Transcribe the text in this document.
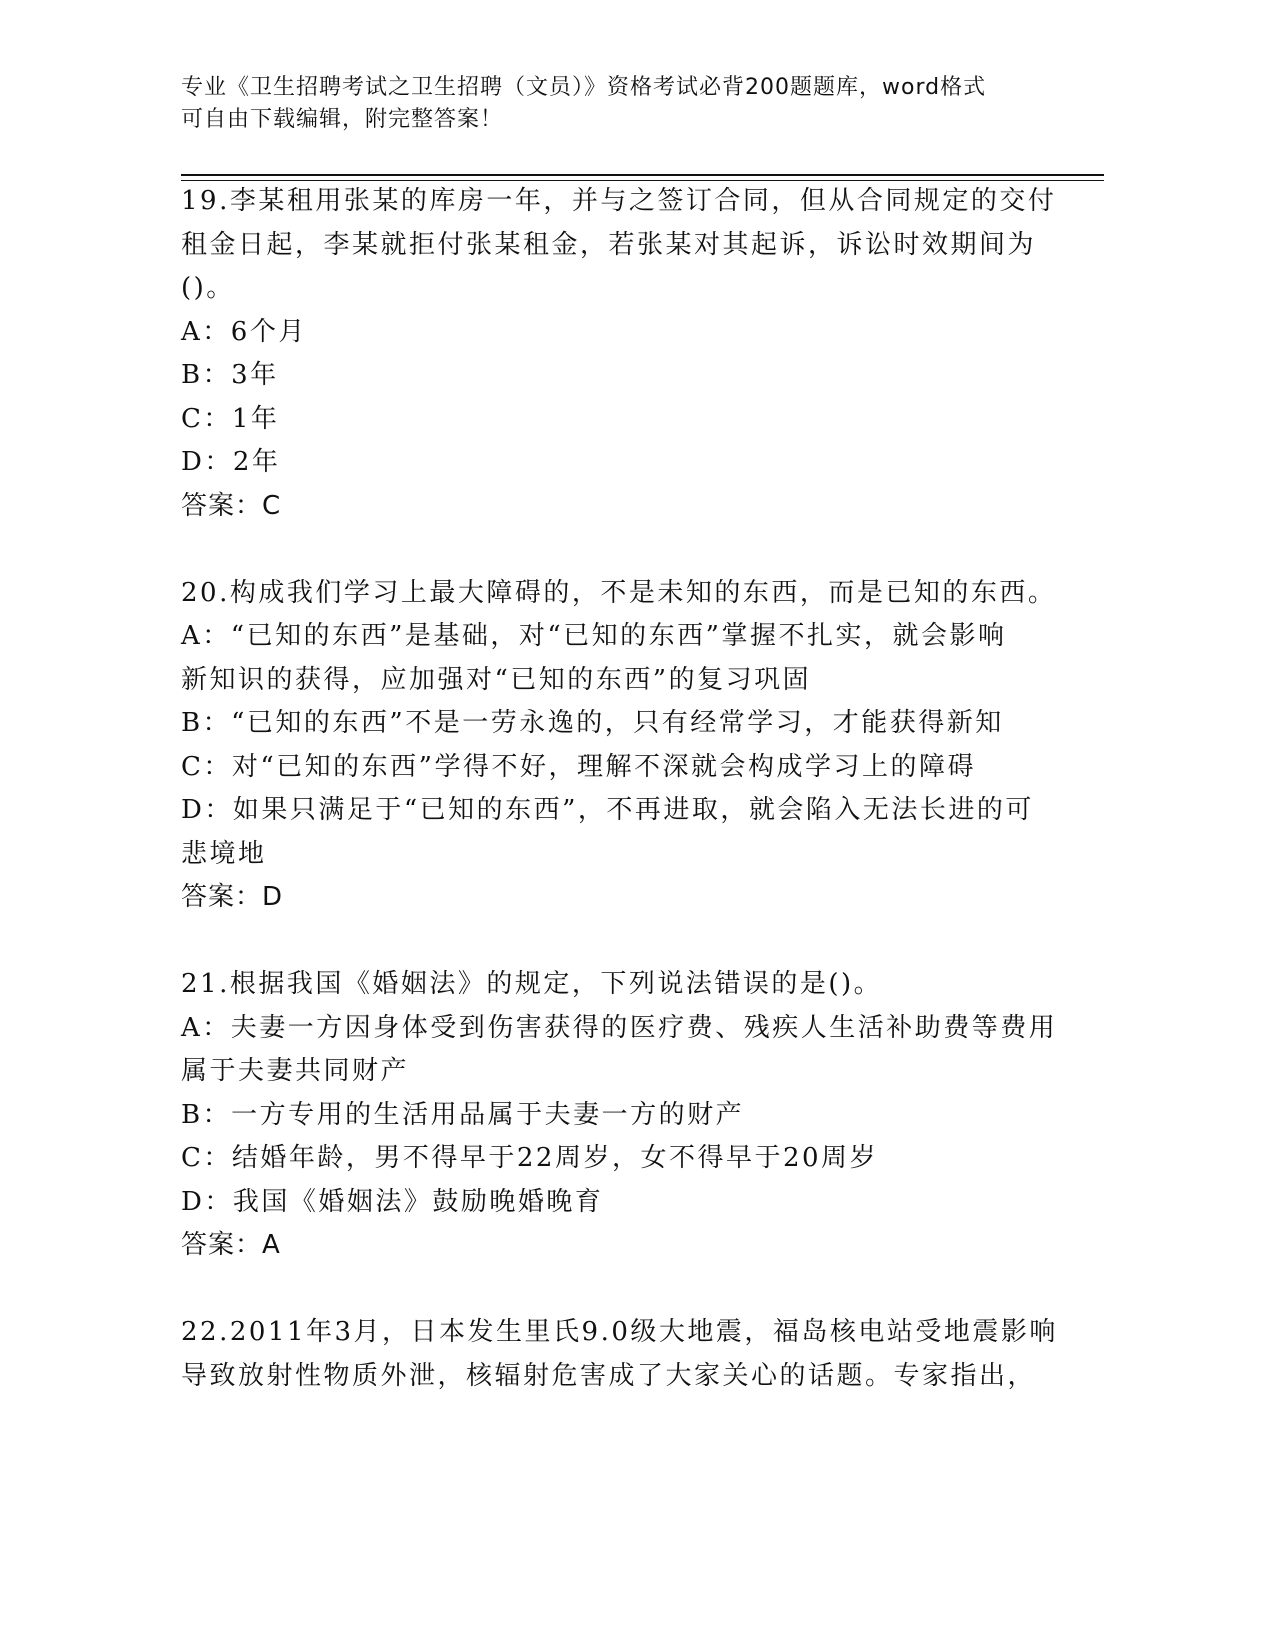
专业《卫生招聘考试之卫生招聘（文员）》资格考试必背200题题库，word格式

可自由下载编辑，附完整答案！

19.李某租用张某的库房一年，并与之签订合同，但从合同规定的交付

租金日起，李某就拒付张某租金，若张某对其起诉，诉讼时效期间为

()。

A：6个月

B：3年

C：1年

D：2年

答案：C

20.构成我们学习上最大障碍的，不是未知的东西，而是已知的东西。

A：“已知的东西”是基础，对“已知的东西”掌握不扎实，就会影响

新知识的获得，应加强对“已知的东西”的复习巩固

B：“已知的东西”不是一劳永逸的，只有经常学习，才能获得新知

C：对“已知的东西”学得不好，理解不深就会构成学习上的障碍

D：如果只满足于“已知的东西”，不再进取，就会陷入无法长进的可

悲境地

答案：D

21.根据我国《婚姻法》的规定，下列说法错误的是()。

A：夫妻一方因身体受到伤害获得的医疗费、残疾人生活补助费等费用

属于夫妻共同财产

B：一方专用的生活用品属于夫妻一方的财产

C：结婚年龄，男不得早于22周岁，女不得早于20周岁

D：我国《婚姻法》鼓励晚婚晚育

答案：A

22.2011年3月，日本发生里氏9.0级大地震，福岛核电站受地震影响

导致放射性物质外泄，核辐射危害成了大家关心的话题。专家指出，
